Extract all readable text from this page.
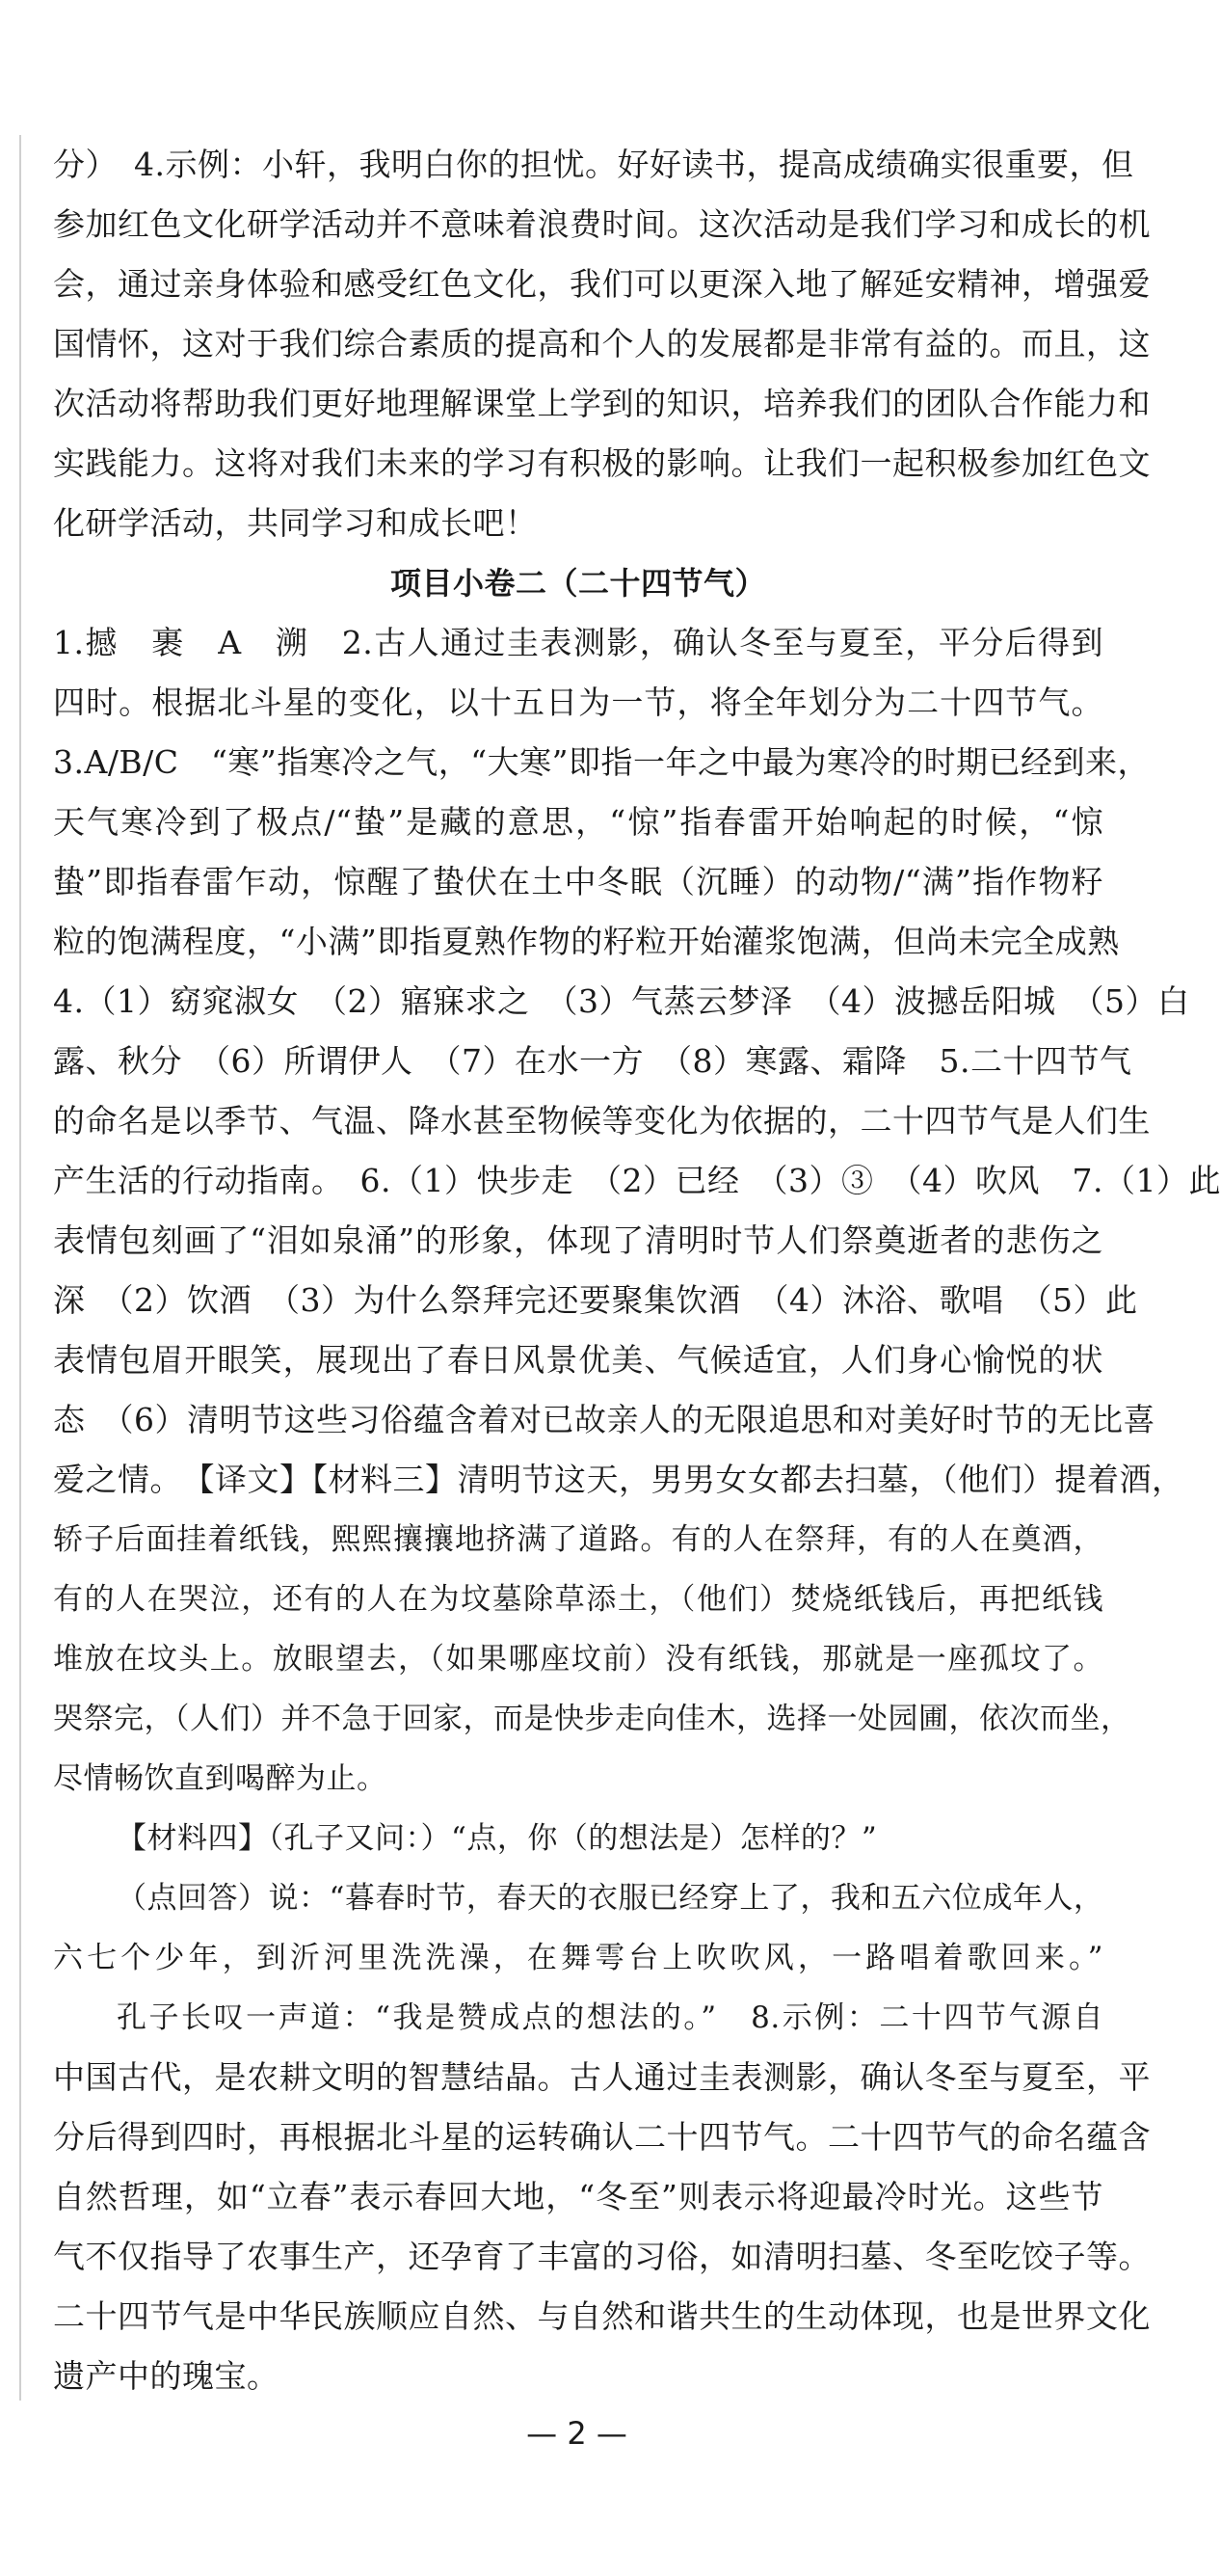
分）　4.示例：小轩，我明白你的担忧。好好读书，提高成绩确实很重要，但
参加红色文化研学活动并不意味着浪费时间。这次活动是我们学习和成长的机
会，通过亲身体验和感受红色文化，我们可以更深入地了解延安精神，增强爱
国情怀，这对于我们综合素质的提高和个人的发展都是非常有益的。而且，这
次活动将帮助我们更好地理解课堂上学到的知识，培养我们的团队合作能力和
实践能力。这将对我们未来的学习有积极的影响。让我们一起积极参加红色文
化研学活动，共同学习和成长吧！
项目小卷二（二十四节气）
1.撼　裹　A　溯　2.古人通过圭表测影，确认冬至与夏至，平分后得到
四时。根据北斗星的变化，以十五日为一节，将全年划分为二十四节气。
3.A/B/C　“寒”指寒冷之气，“大寒”即指一年之中最为寒冷的时期已经到来，
天气寒冷到了极点/“蛰”是藏的意思，“惊”指春雷开始响起的时候，“惊
蛰”即指春雷乍动，惊醒了蛰伏在土中冬眠（沉睡）的动物/“满”指作物籽
粒的饱满程度，“小满”即指夏熟作物的籽粒开始灌浆饱满，但尚未完全成熟
4.（1）窈窕淑女　（2）寤寐求之　（3）气蒸云梦泽　（4）波撼岳阳城　（5）白
露、秋分　（6）所谓伊人　（7）在水一方　（8）寒露、霜降　5.二十四节气
的命名是以季节、气温、降水甚至物候等变化为依据的，二十四节气是人们生
产生活的行动指南。　6.（1）快步走　（2）已经　（3）③　（4）吹风　7.（1）此
表情包刻画了“泪如泉涌”的形象，体现了清明时节人们祭奠逝者的悲伤之
深　（2）饮酒　（3）为什么祭拜完还要聚集饮酒　（4）沐浴、歌唱　（5）此
表情包眉开眼笑，展现出了春日风景优美、气候适宜，人们身心愉悦的状
态　（6）清明节这些习俗蕴含着对已故亲人的无限追思和对美好时节的无比喜
爱之情。　【译文】【材料三】清明节这天，男男女女都去扫墓，（他们）提着酒，
轿子后面挂着纸钱，熙熙攘攘地挤满了道路。有的人在祭拜，有的人在奠酒，
有的人在哭泣，还有的人在为坟墓除草添土，（他们）焚烧纸钱后，再把纸钱
堆放在坟头上。放眼望去，（如果哪座坟前）没有纸钱，那就是一座孤坟了。
哭祭完，（人们）并不急于回家，而是快步走向佳木，选择一处园圃，依次而坐，
尽情畅饮直到喝醉为止。
【材料四】（孔子又问：）“点，你（的想法是）怎样的？”
（点回答）说：“暮春时节，春天的衣服已经穿上了，我和五六位成年人，
六七个少年，到沂河里洗洗澡，在舞雩台上吹吹风，一路唱着歌回来。”
孔子长叹一声道：“我是赞成点的想法的。”　8.示例：二十四节气源自
中国古代，是农耕文明的智慧结晶。古人通过圭表测影，确认冬至与夏至，平
分后得到四时，再根据北斗星的运转确认二十四节气。二十四节气的命名蕴含
自然哲理，如“立春”表示春回大地，“冬至”则表示将迎最冷时光。这些节
气不仅指导了农事生产，还孕育了丰富的习俗，如清明扫墓、冬至吃饺子等。
二十四节气是中华民族顺应自然、与自然和谐共生的生动体现，也是世界文化
遗产中的瑰宝。
— 2 —
